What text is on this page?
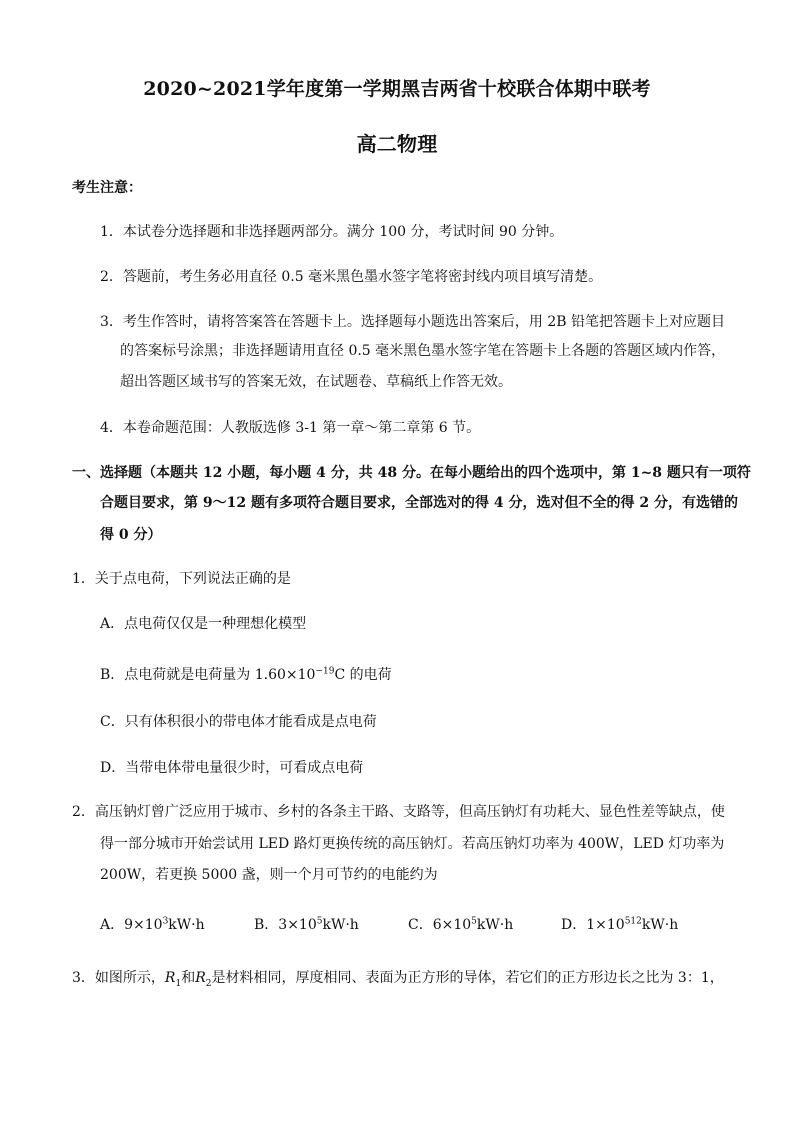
2020~2021学年度第一学期黑吉两省十校联合体期中联考
高二物理
考生注意：
1．本试卷分选择题和非选择题两部分。满分 100 分，考试时间 90 分钟。
2．答题前，考生务必用直径 0.5 毫米黑色墨水签字笔将密封线内项目填写清楚。
3．考生作答时，请将答案答在答题卡上。选择题每小题选出答案后，用 2B 铅笔把答题卡上对应题目
的答案标号涂黑；非选择题请用直径 0.5 毫米黑色墨水签字笔在答题卡上各题的答题区域内作答，
超出答题区域书写的答案无效，在试题卷、草稿纸上作答无效。
4．本卷命题范围：人教版选修 3-1 第一章～第二章第 6 节。
一、选择题（本题共 12 小题，每小题 4 分，共 48 分。在每小题给出的四个选项中，第 1~8 题只有一项符
合题目要求，第 9～12 题有多项符合题目要求，全部选对的得 4 分，选对但不全的得 2 分，有选错的
得 0 分）
1．关于点电荷，下列说法正确的是
A．点电荷仅仅是一种理想化模型
B．点电荷就是电荷量为 $1.60\times 10^{-19}C$ 的电荷
C．只有体积很小的带电体才能看成是点电荷
D．当带电体带电量很少时，可看成点电荷
2．高压钠灯曾广泛应用于城市、乡村的各条主干路、支路等，但高压钠灯有功耗大、显色性差等缺点，使
得一部分城市开始尝试用 LED 路灯更换传统的高压钠灯。若高压钠灯功率为 400W，LED 灯功率为
200W，若更换 5000 盏，则一个月可节约的电能约为
A．$9\times 10^3kW\cdot h$	B．$3\times 10^5kW\cdot h$	C．$6\times 10^5kW\cdot h$	D．$1\times 10^{512}kW\cdot h$
3．如图所示，$R_1$和$R_2$是材料相同，厚度相同、表面为正方形的导体，若它们的正方形边长之比为 3：1，
